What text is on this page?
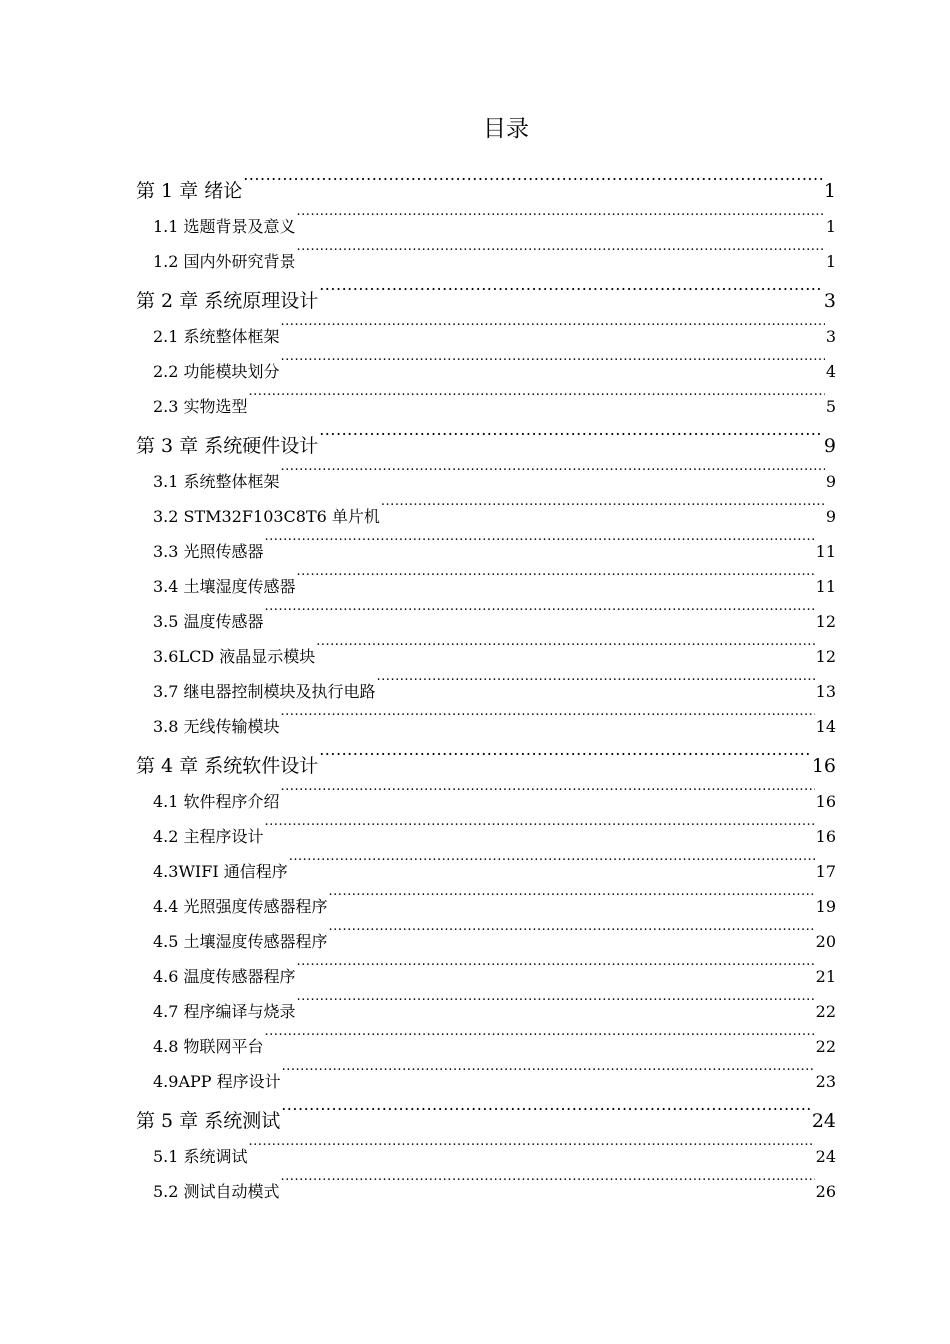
目录
第 1 章 绪论 .....	1
1.1 选题背景及意义 .....	1
1.2 国内外研究背景 .....	1
第 2 章 系统原理设计 .....	3
2.1 系统整体框架 .....	3
2.2 功能模块划分 .....	4
2.3 实物选型 .....	5
第 3 章 系统硬件设计 .....	9
3.1 系统整体框架 .....	9
3.2 STM32F103C8T6 单片机 .....	9
3.3 光照传感器 .....	11
3.4 土壤湿度传感器 .....	11
3.5 温度传感器 .....	12
3.6LCD 液晶显示模块 .....	12
3.7 继电器控制模块及执行电路 .....	13
3.8 无线传输模块 .....	14
第 4 章 系统软件设计 .....	16
4.1 软件程序介绍 .....	16
4.2 主程序设计 .....	16
4.3WIFI 通信程序 .....	17
4.4 光照强度传感器程序 .....	19
4.5 土壤湿度传感器程序 .....	20
4.6 温度传感器程序 .....	21
4.7 程序编译与烧录 .....	22
4.8 物联网平台 .....	22
4.9APP 程序设计 .....	23
第 5 章 系统测试 .....	24
5.1 系统调试 .....	24
5.2 测试自动模式 .....	26
